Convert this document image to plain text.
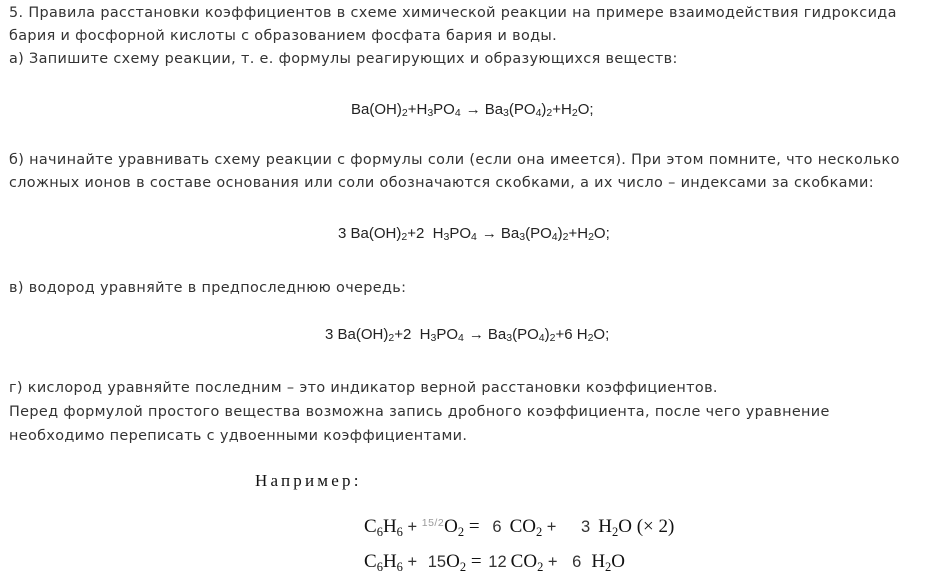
5. Правила расстановки коэффициентов в схеме химической реакции на примере взаимодействия гидроксида
бария и фосфорной кислоты с образованием фосфата бария и воды.
а) Запишите схему реакции, т. е. формулы реагирующих и образующихся веществ:
$Ba(OH)_2+H_3PO_4 \to Ba_3(PO_4)_2+H_2O$;
б) начинайте уравнивать схему реакции с формулы соли (если она имеется). При этом помните, что несколько
сложных ионов в составе основания или соли обозначаются скобками, а их число – индексами за скобками:
3 $Ba(OH)_2+2$  $H_3PO_4 \to Ba_3(PO_4)_2+H_2O$;
в) водород уравняйте в предпоследнюю очередь:
3 $Ba(OH)_2+2$  $H_3PO_4 \to Ba_3(PO_4)_2+6$ $H_2O$;
г) кислород уравняйте последним – это индикатор верной расстановки коэффициентов.
Перед формулой простого вещества возможна запись дробного коэффициента, после чего уравнение
необходимо переписать с удвоенными коэффициентами.
Например:
$C_6H_6 + ^{15/2}O_2 = 6$ $CO_2 + 3$ $H_2O$ (× 2)
$C_6H_6 + 15O_2 = 12$ $CO_2 + 6$ $H_2O$
